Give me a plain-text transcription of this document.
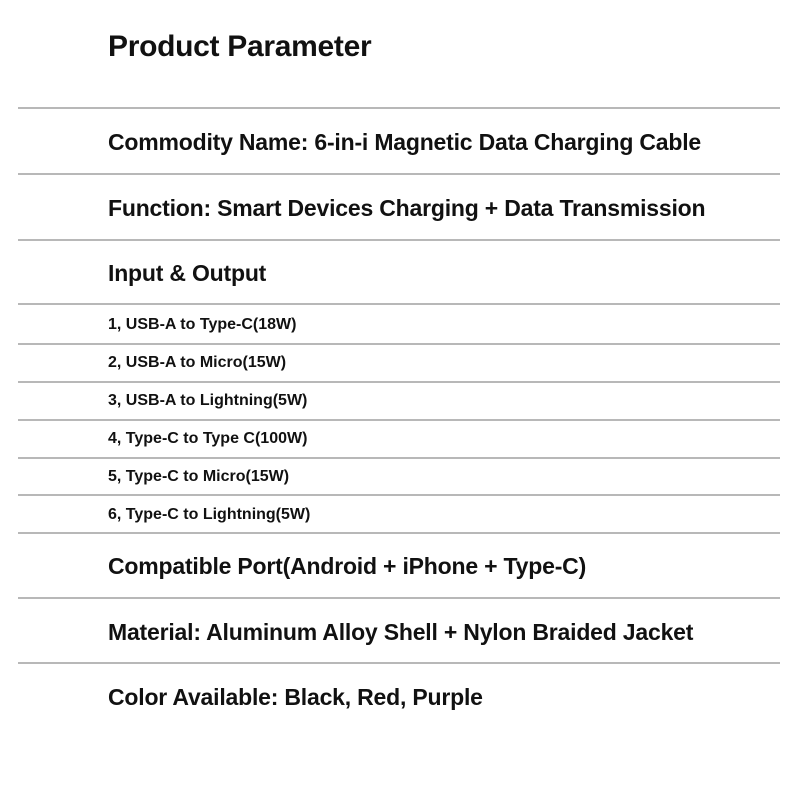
Product Parameter
Commodity Name: 6-in-i Magnetic Data Charging Cable
Function: Smart Devices Charging + Data Transmission
Input & Output
1, USB-A to Type-C(18W)
2, USB-A to Micro(15W)
3, USB-A to Lightning(5W)
4, Type-C to Type C(100W)
5, Type-C to Micro(15W)
6, Type-C to Lightning(5W)
Compatible Port(Android + iPhone + Type-C)
Material: Aluminum Alloy Shell + Nylon Braided Jacket
Color Available: Black, Red, Purple
